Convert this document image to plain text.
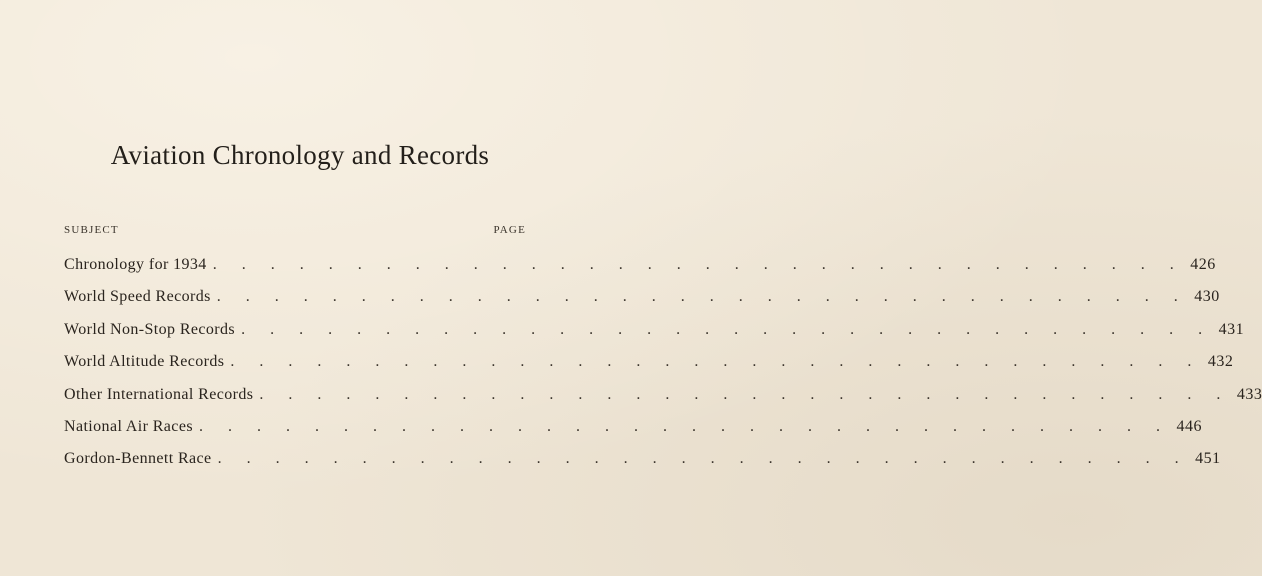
Aviation Chronology and Records
SUBJECT	PAGE
Chronology for 1934 . . . . . . . . . . . . . . . . . . . . . . . . . . . . . . . . . . 426
World Speed Records . . . . . . . . . . . . . . . . . . . . . . . . . . . . . . . . . . 430
World Non-Stop Records . . . . . . . . . . . . . . . . . . . . . . . . . . . . . . . . . . 431
World Altitude Records . . . . . . . . . . . . . . . . . . . . . . . . . . . . . . . . . . 432
Other International Records . . . . . . . . . . . . . . . . . . . . . . . . . . . . . . . . . . 433
National Air Races . . . . . . . . . . . . . . . . . . . . . . . . . . . . . . . . . . 446
Gordon-Bennett Race . . . . . . . . . . . . . . . . . . . . . . . . . . . . . . . . . . 451
